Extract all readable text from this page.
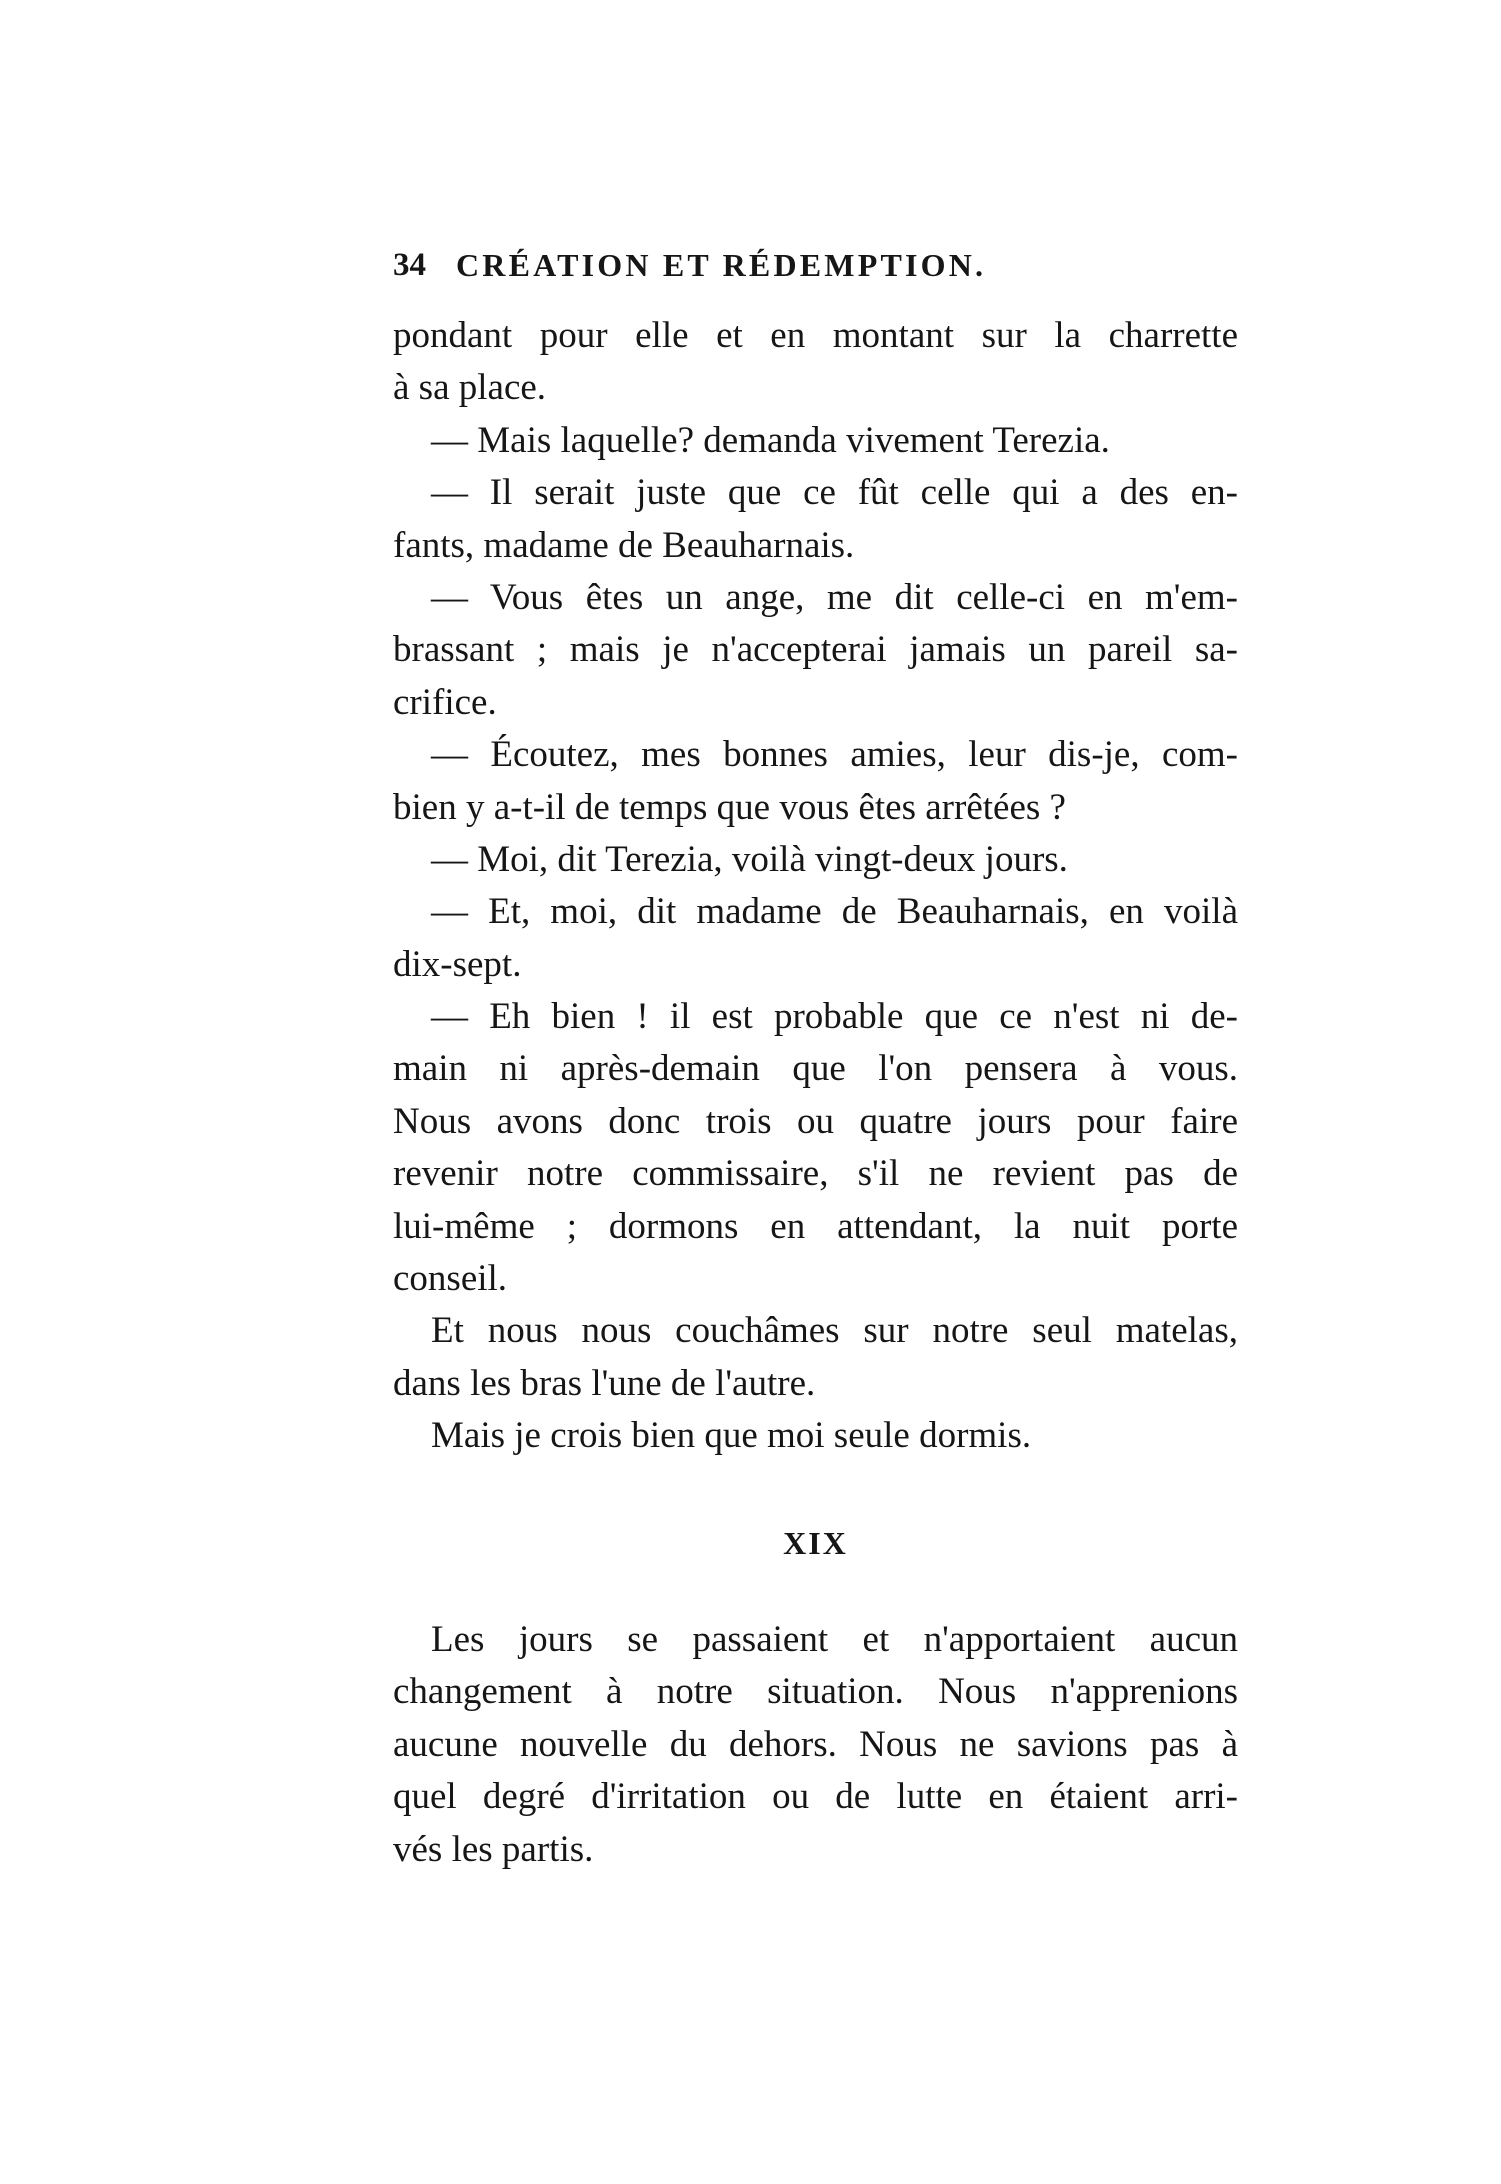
34 CRÉATION ET RÉDEMPTION.
pondant pour elle et en montant sur la charrette
à sa place.
— Mais laquelle? demanda vivement Terezia.
— Il serait juste que ce fût celle qui a des en-
fants, madame de Beauharnais.
— Vous êtes un ange, me dit celle-ci en m'em-
brassant ; mais je n'accepterai jamais un pareil sa-
crifice.
— Écoutez, mes bonnes amies, leur dis-je, com-
bien y a-t-il de temps que vous êtes arrêtées ?
— Moi, dit Terezia, voilà vingt-deux jours.
— Et, moi, dit madame de Beauharnais, en voilà
dix-sept.
— Eh bien ! il est probable que ce n'est ni de-
main ni après-demain que l'on pensera à vous.
Nous avons donc trois ou quatre jours pour faire
revenir notre commissaire, s'il ne revient pas de
lui-même ; dormons en attendant, la nuit porte
conseil.
Et nous nous couchâmes sur notre seul matelas,
dans les bras l'une de l'autre.
Mais je crois bien que moi seule dormis.
XIX
Les jours se passaient et n'apportaient aucun
changement à notre situation. Nous n'apprenions
aucune nouvelle du dehors. Nous ne savions pas à
quel degré d'irritation ou de lutte en étaient arri-
vés les partis.
